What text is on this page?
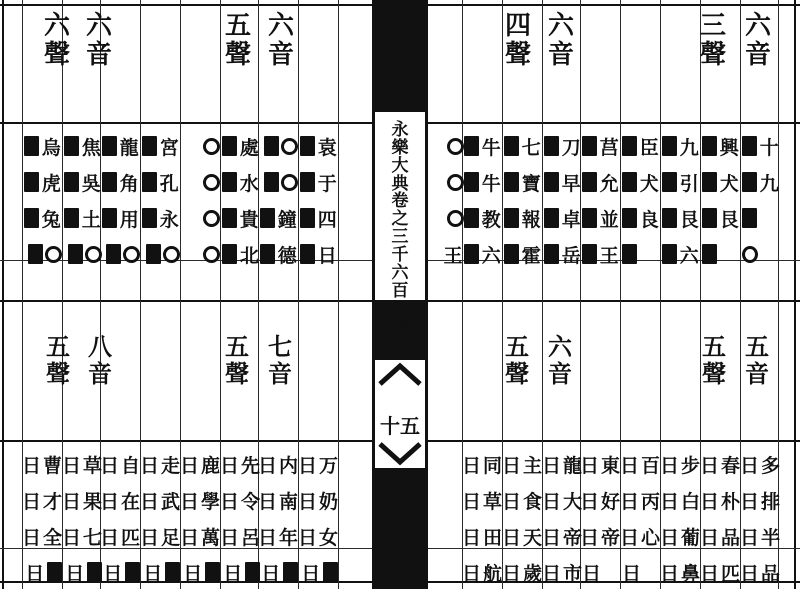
永
樂
大
典
卷
之
三
千
六
百
二
十
九
十五
三
聲
六
音
四
聲
六
音
五
聲
六
音
六
聲
六
音
五
聲
五
音
五
聲
六
音
五
聲
七
音
五
聲
八
音
十
九
興
犬
艮
九
引
艮
六
臣
犬
良
莒
允
並
王
刀
早
卓
岳
七
寶
報
霍
牛
牛
教
六
王
袁
于
四
日
鐘
德
處
水
貴
北
宮
孔
永
龍
角
用
焦
吳
土
烏
虎
兔
多
日
排
日
半
日
品
日
春
日
朴
日
品
日
匹
日
步
日
白
日
葡
日
鼻
日
百
日
丙
日
心
日
日
東
日
好
日
帝
日
日
龍
日
大
日
帝
日
市
日
主
日
食
日
天
日
歲
日
同
日
草
日
田
日
航
日
万
日
奶
日
女
日
日
内
日
南
日
年
日
日
先
日
令
日
呂
日
日
鹿
日
學
日
萬
日
日
走
日
武
日
足
日
日
自
日
在
日
匹
日
日
草
日
果
日
七
日
日
曹
日
才
日
全
日
日
